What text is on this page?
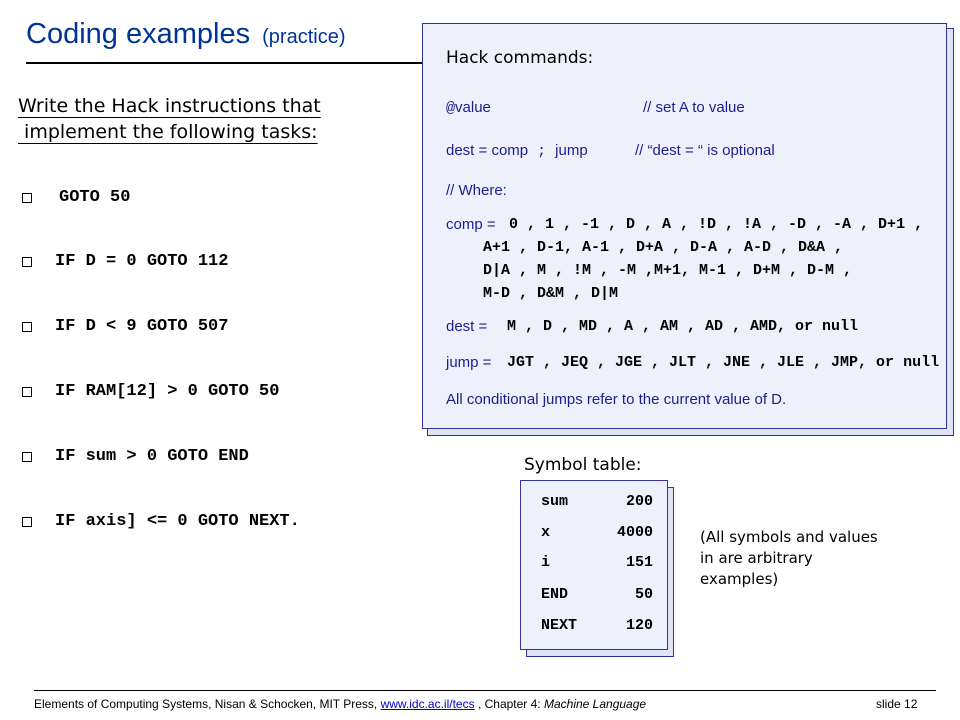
Coding examples (practice)
Write the Hack instructions that
implement the following tasks:
GOTO 50
IF D = 0 GOTO 112
IF D < 9 GOTO 507
IF RAM[12] > 0 GOTO 50
IF sum > 0 GOTO END
IF axis] <= 0 GOTO NEXT.
Hack commands:
@value	// set A to value
dest = comp ; jump	// “dest = “ is optional
// Where:
comp = 0 , 1 , -1 , D , A , !D , !A , -D , -A , D+1 ,
A+1 , D-1, A-1 , D+A , D-A , A-D , D&A ,
D|A , M , !M , -M ,M+1, M-1 , D+M , D-M ,
M-D , D&M , D|M
dest = M , D , MD , A , AM , AD , AMD, or null
jump = JGT , JEQ , JGE , JLT , JNE , JLE , JMP, or null
All conditional jumps refer to the current value of D.
Symbol table:
sum	200
x	4000
i	151
END	50
NEXT	120
(All symbols and values in are arbitrary examples)
Elements of Computing Systems, Nisan & Schocken, MIT Press, www.idc.ac.il/tecs , Chapter 4: Machine Language	slide 12
